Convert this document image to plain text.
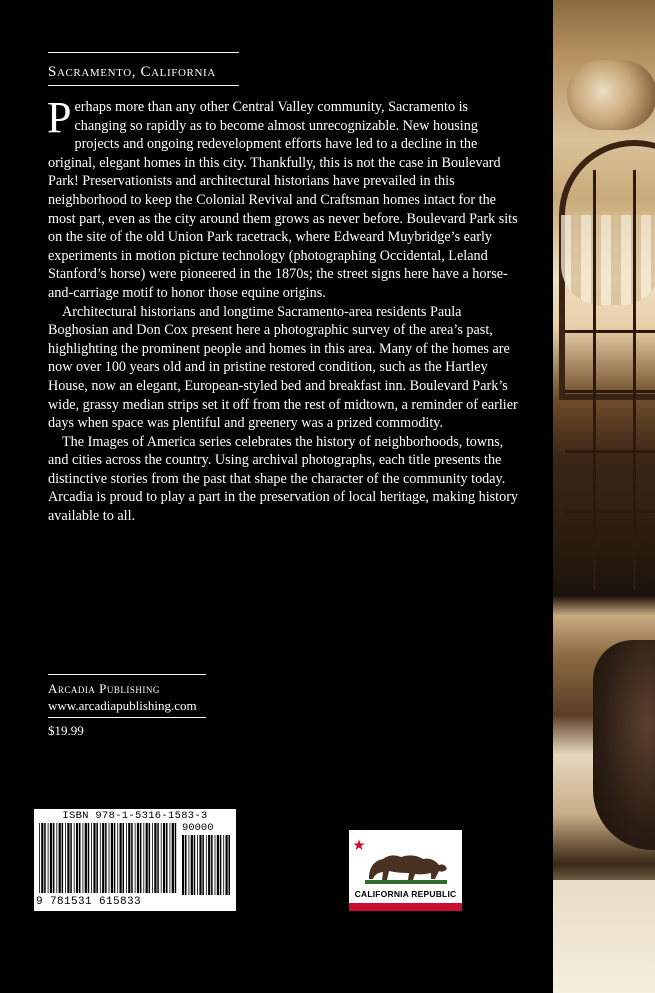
Sacramento, California

Perhaps more than any other Central Valley community, Sacramento is changing so rapidly as to become almost unrecognizable. New housing projects and ongoing redevelopment efforts have led to a decline in the original, elegant homes in this city. Thankfully, this is not the case in Boulevard Park! Preservationists and architectural historians have prevailed in this neighborhood to keep the Colonial Revival and Craftsman homes intact for the most part, even as the city around them grows as never before. Boulevard Park sits on the site of the old Union Park racetrack, where Edweard Muybridge’s early experiments in motion picture technology (photographing Occidental, Leland Stanford’s horse) were pioneered in the 1870s; the street signs here have a horse-and-carriage motif to honor those equine origins.

Architectural historians and longtime Sacramento-area residents Paula Boghosian and Don Cox present here a photographic survey of the area’s past, highlighting the prominent people and homes in this area. Many of the homes are now over 100 years old and in pristine restored condition, such as the Hartley House, now an elegant, European-styled bed and breakfast inn. Boulevard Park’s wide, grassy median strips set it off from the rest of midtown, a reminder of earlier days when space was plentiful and greenery was a prized commodity.

The Images of America series celebrates the history of neighborhoods, towns, and cities across the country. Using archival photographs, each title presents the distinctive stories from the past that shape the character of the community today. Arcadia is proud to play a part in the preservation of local heritage, making history available to all.

Arcadia Publishing
www.arcadiapublishing.com
$19.99
ISBN 978-1-5316-1583-3
90000
9 781531 615833
CALIFORNIA REPUBLIC
